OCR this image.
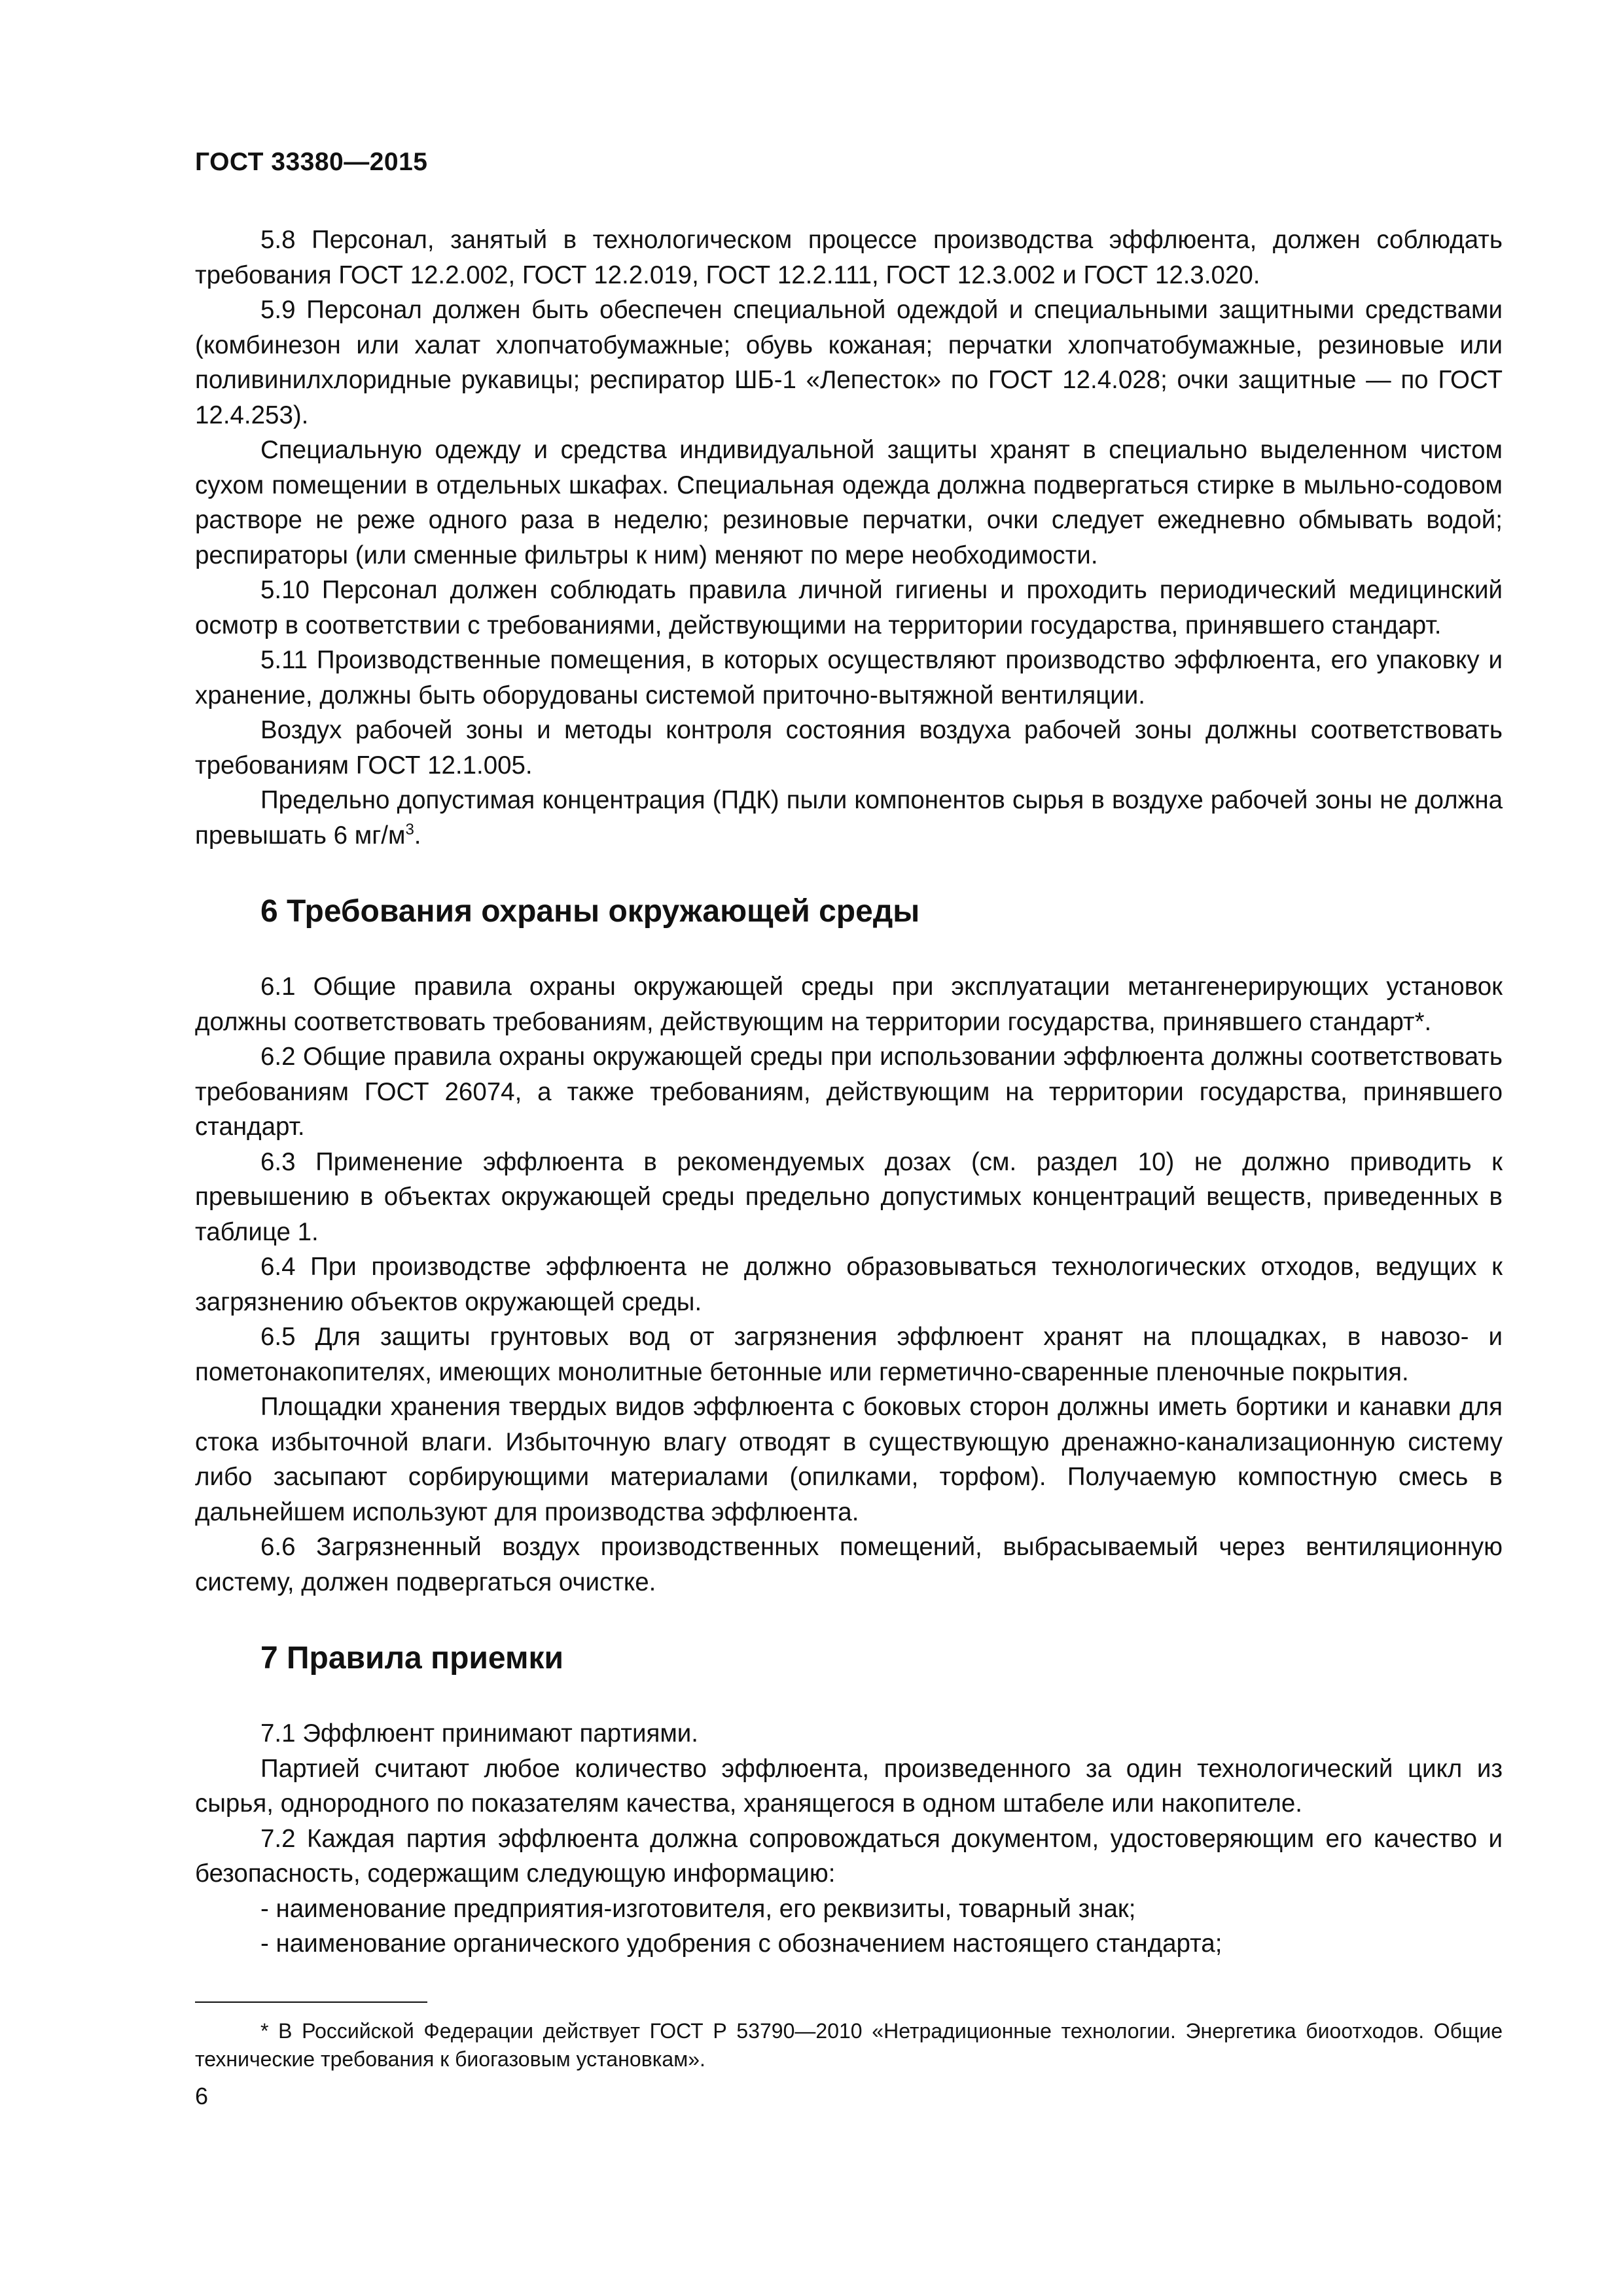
ГОСТ 33380—2015

5.8 Персонал, занятый в технологическом процессе производства эффлюента, должен соблюдать требования ГОСТ 12.2.002, ГОСТ 12.2.019, ГОСТ 12.2.111, ГОСТ 12.3.002 и ГОСТ 12.3.020.

5.9 Персонал должен быть обеспечен специальной одеждой и специальными защитными средствами (комбинезон или халат хлопчатобумажные; обувь кожаная; перчатки хлопчатобумажные, резиновые или поливинилхлоридные рукавицы; респиратор ШБ-1 «Лепесток» по ГОСТ 12.4.028; очки защитные — по ГОСТ 12.4.253).

Специальную одежду и средства индивидуальной защиты хранят в специально выделенном чистом сухом помещении в отдельных шкафах. Специальная одежда должна подвергаться стирке в мыльно-содовом растворе не реже одного раза в неделю; резиновые перчатки, очки следует ежедневно обмывать водой; респираторы (или сменные фильтры к ним) меняют по мере необходимости.

5.10 Персонал должен соблюдать правила личной гигиены и проходить периодический медицинский осмотр в соответствии с требованиями, действующими на территории государства, принявшего стандарт.

5.11 Производственные помещения, в которых осуществляют производство эффлюента, его упаковку и хранение, должны быть оборудованы системой приточно-вытяжной вентиляции.

Воздух рабочей зоны и методы контроля состояния воздуха рабочей зоны должны соответствовать требованиям ГОСТ 12.1.005.

Предельно допустимая концентрация (ПДК) пыли компонентов сырья в воздухе рабочей зоны не должна превышать 6 $мг/м^3$.

6 Требования охраны окружающей среды

6.1 Общие правила охраны окружающей среды при эксплуатации метангенерирующих установок должны соответствовать требованиям, действующим на территории государства, принявшего стандарт*.

6.2 Общие правила охраны окружающей среды при использовании эффлюента должны соответствовать требованиям ГОСТ 26074, а также требованиям, действующим на территории государства, принявшего стандарт.

6.3 Применение эффлюента в рекомендуемых дозах (см. раздел 10) не должно приводить к превышению в объектах окружающей среды предельно допустимых концентраций веществ, приведенных в таблице 1.

6.4 При производстве эффлюента не должно образовываться технологических отходов, ведущих к загрязнению объектов окружающей среды.

6.5 Для защиты грунтовых вод от загрязнения эффлюент хранят на площадках, в навозо- и пометонакопителях, имеющих монолитные бетонные или герметично-сваренные пленочные покрытия.

Площадки хранения твердых видов эффлюента с боковых сторон должны иметь бортики и канавки для стока избыточной влаги. Избыточную влагу отводят в существующую дренажно-канализационную систему либо засыпают сорбирующими материалами (опилками, торфом). Получаемую компостную смесь в дальнейшем используют для производства эффлюента.

6.6 Загрязненный воздух производственных помещений, выбрасываемый через вентиляционную систему, должен подвергаться очистке.

7 Правила приемки

7.1 Эффлюент принимают партиями.

Партией считают любое количество эффлюента, произведенного за один технологический цикл из сырья, однородного по показателям качества, хранящегося в одном штабеле или накопителе.

7.2 Каждая партия эффлюента должна сопровождаться документом, удостоверяющим его качество и безопасность, содержащим следующую информацию:

- наименование предприятия-изготовителя, его реквизиты, товарный знак;
- наименование органического удобрения с обозначением настоящего стандарта;
* В Российской Федерации действует ГОСТ Р 53790—2010 «Нетрадиционные технологии. Энергетика биоотходов. Общие технические требования к биогазовым установкам».
6
